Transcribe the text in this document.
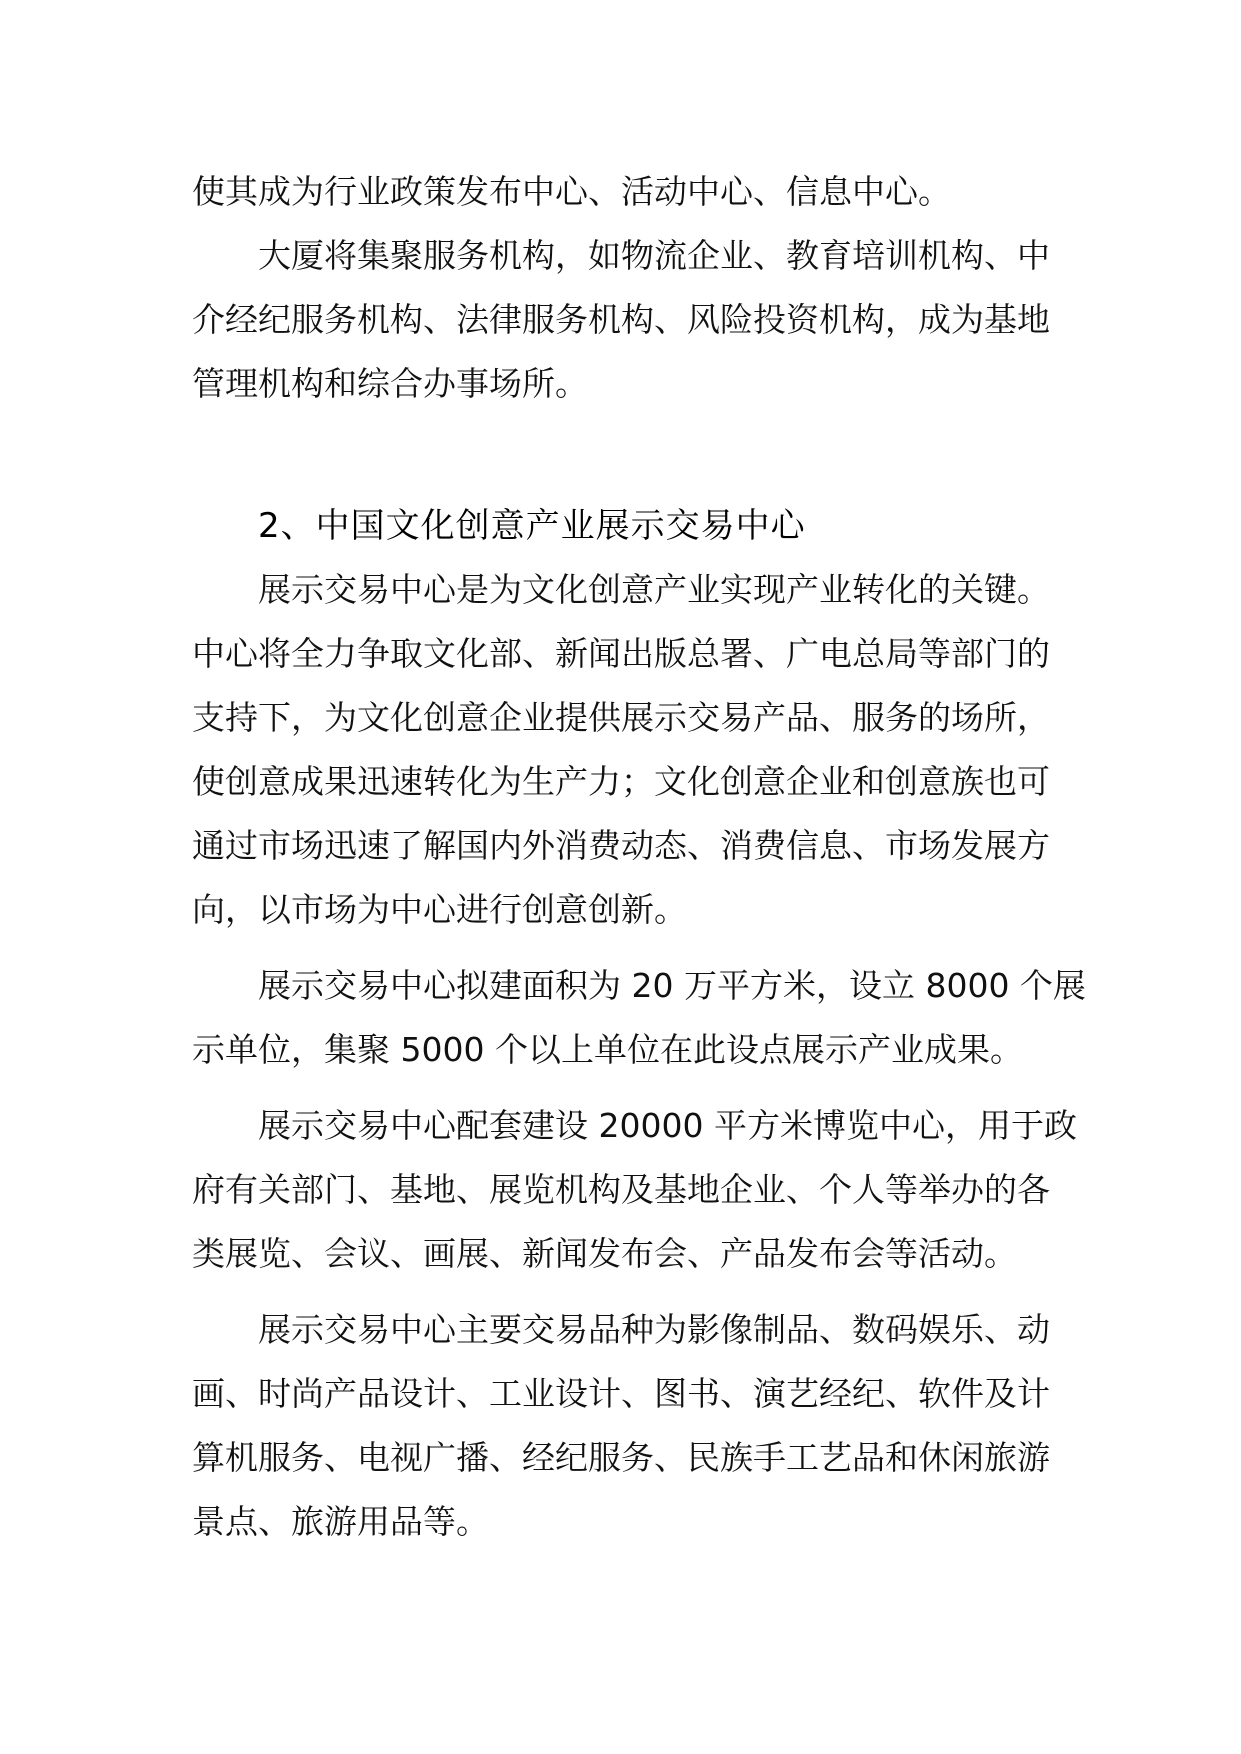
使其成为行业政策发布中心、活动中心、信息中心。
大厦将集聚服务机构，如物流企业、教育培训机构、中
介经纪服务机构、法律服务机构、风险投资机构，成为基地
管理机构和综合办事场所。
2、中国文化创意产业展示交易中心
展示交易中心是为文化创意产业实现产业转化的关键。
中心将全力争取文化部、新闻出版总署、广电总局等部门的
支持下，为文化创意企业提供展示交易产品、服务的场所，
使创意成果迅速转化为生产力；文化创意企业和创意族也可
通过市场迅速了解国内外消费动态、消费信息、市场发展方
向，以市场为中心进行创意创新。
展示交易中心拟建面积为 20 万平方米，设立 8000 个展
示单位，集聚 5000 个以上单位在此设点展示产业成果。
展示交易中心配套建设 20000 平方米博览中心，用于政
府有关部门、基地、展览机构及基地企业、个人等举办的各
类展览、会议、画展、新闻发布会、产品发布会等活动。
展示交易中心主要交易品种为影像制品、数码娱乐、动
画、时尚产品设计、工业设计、图书、演艺经纪、软件及计
算机服务、电视广播、经纪服务、民族手工艺品和休闲旅游
景点、旅游用品等。
